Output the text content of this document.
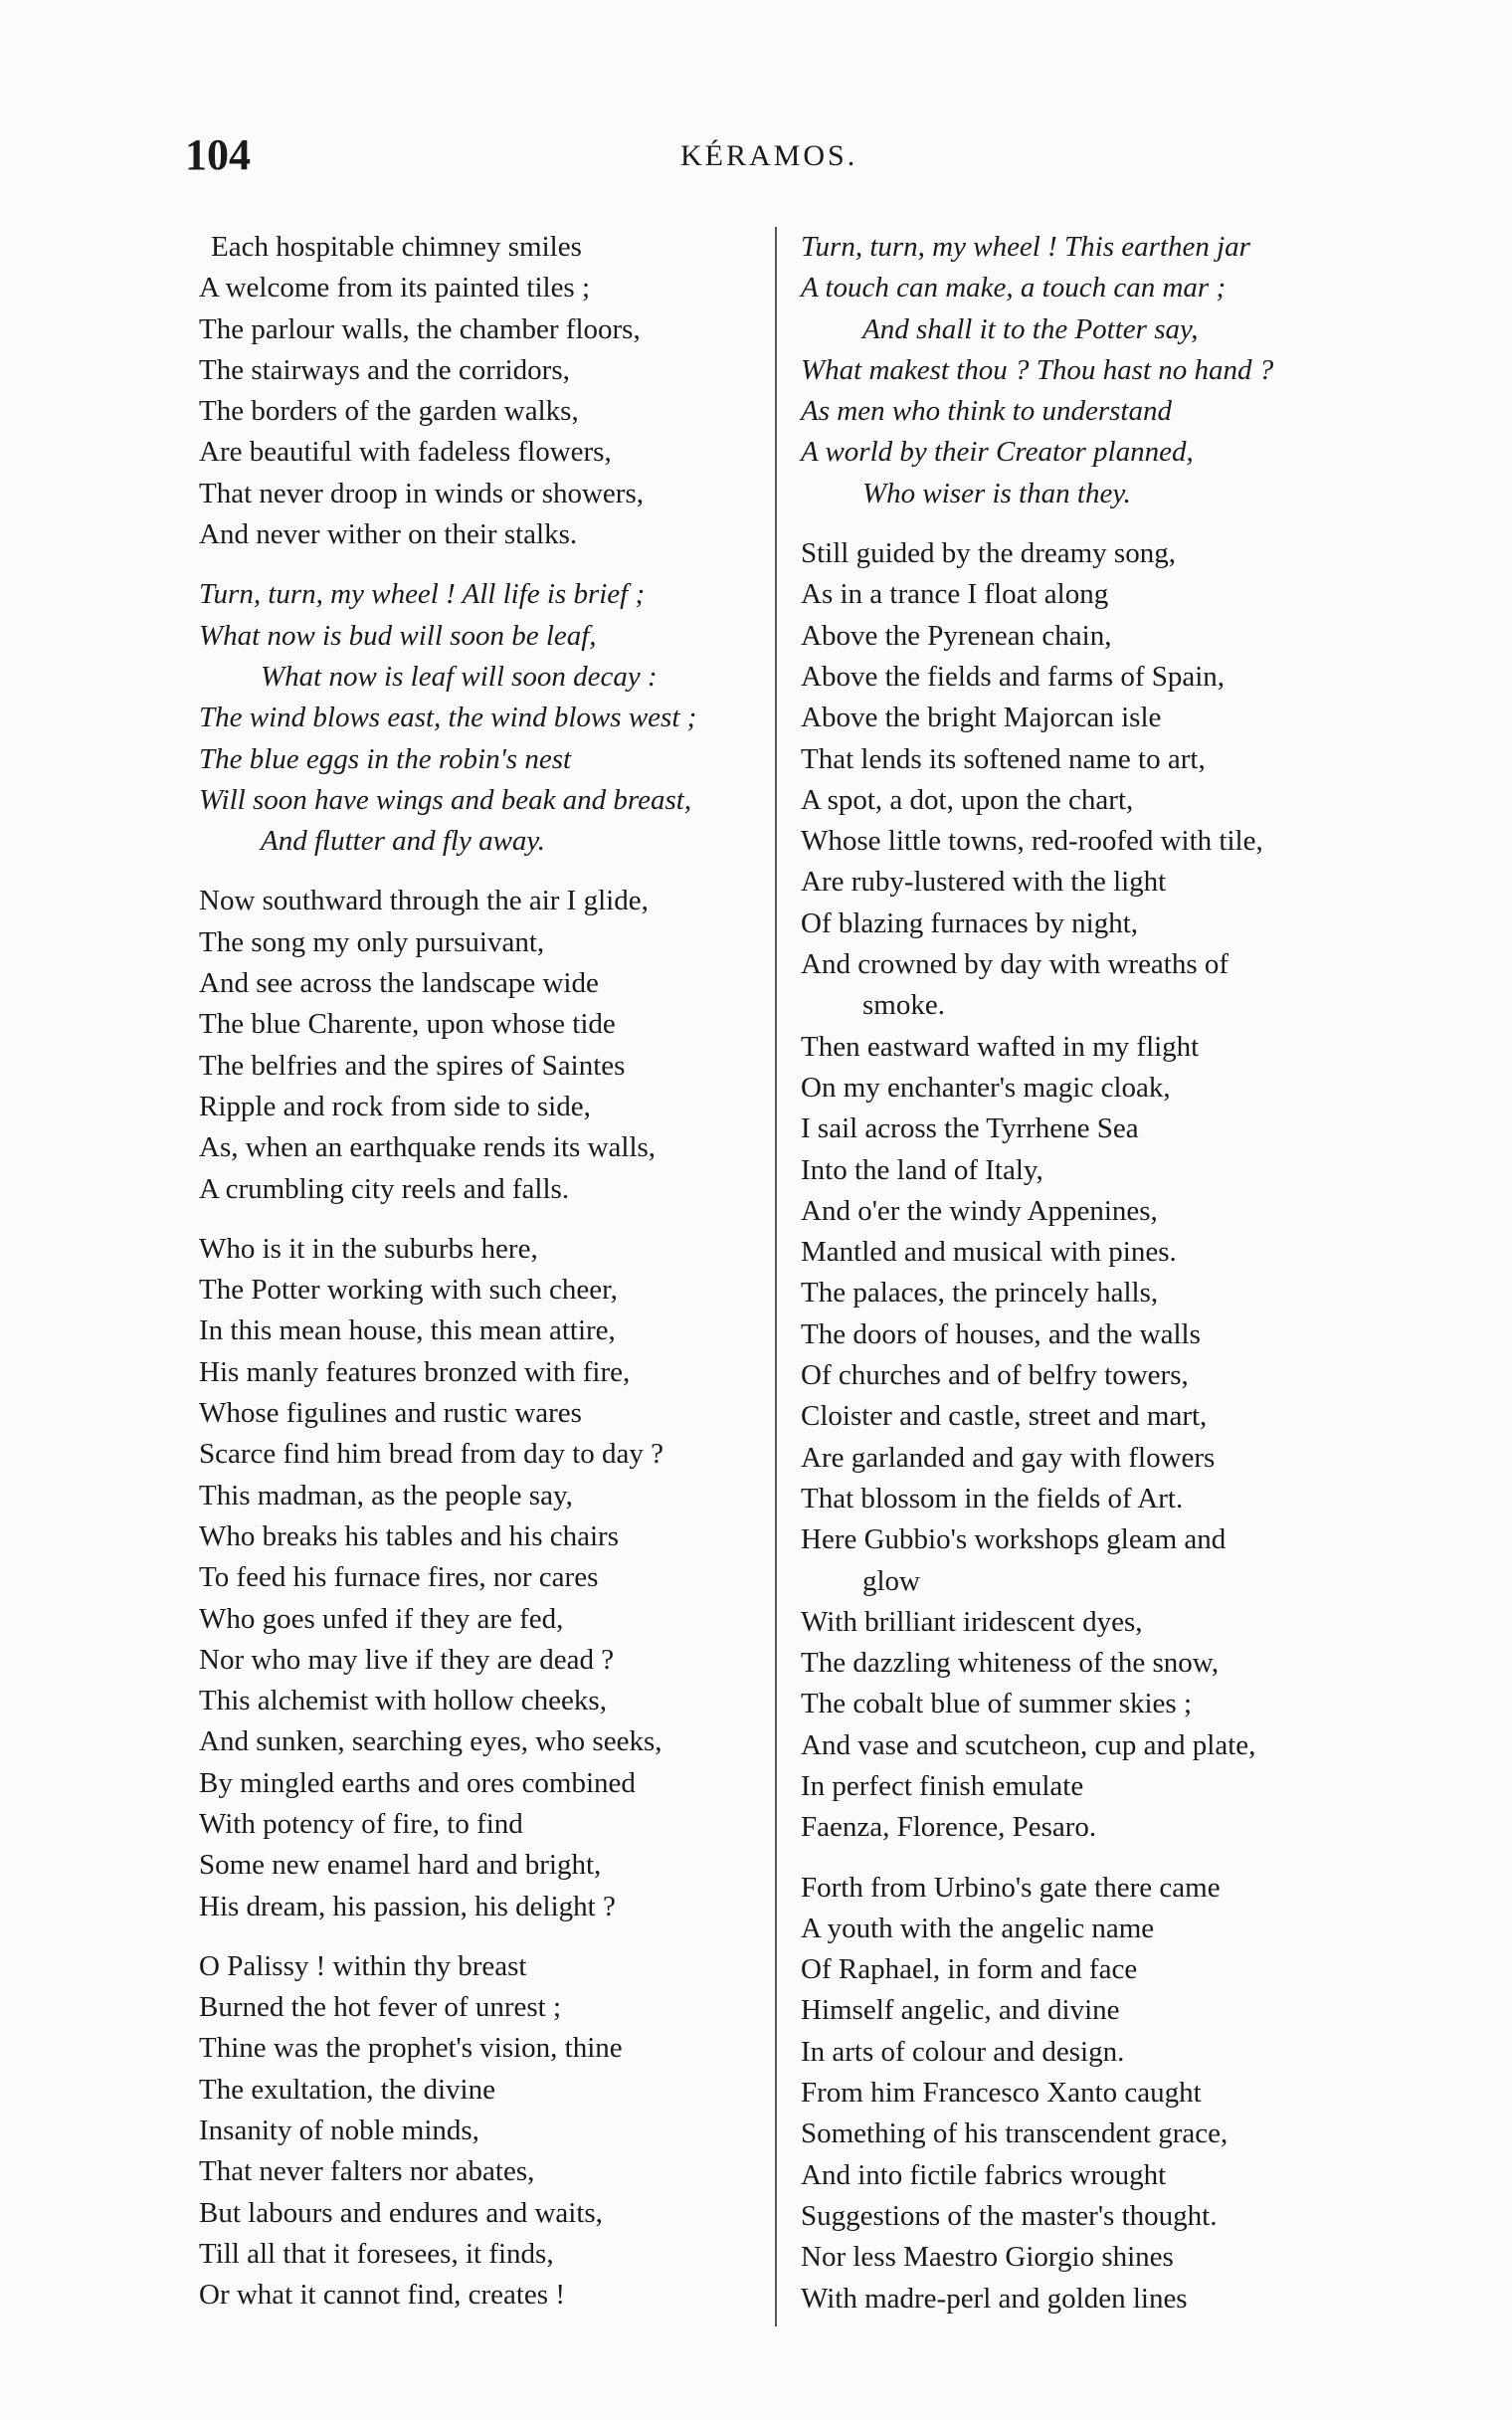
104	KÉRAMOS.
Each hospitable chimney smiles
A welcome from its painted tiles ;
The parlour walls, the chamber floors,
The stairways and the corridors,
The borders of the garden walks,
Are beautiful with fadeless flowers,
That never droop in winds or showers,
And never wither on their stalks.
Turn, turn, my wheel ! All life is brief ;
What now is bud will soon be leaf,
What now is leaf will soon decay :
The wind blows east, the wind blows west ;
The blue eggs in the robin's nest
Will soon have wings and beak and breast,
And flutter and fly away.
Now southward through the air I glide,
The song my only pursuivant,
And see across the landscape wide
The blue Charente, upon whose tide
The belfries and the spires of Saintes
Ripple and rock from side to side,
As, when an earthquake rends its walls,
A crumbling city reels and falls.
Who is it in the suburbs here,
The Potter working with such cheer,
In this mean house, this mean attire,
His manly features bronzed with fire,
Whose figulines and rustic wares
Scarce find him bread from day to day ?
This madman, as the people say,
Who breaks his tables and his chairs
To feed his furnace fires, nor cares
Who goes unfed if they are fed,
Nor who may live if they are dead ?
This alchemist with hollow cheeks,
And sunken, searching eyes, who seeks,
By mingled earths and ores combined
With potency of fire, to find
Some new enamel hard and bright,
His dream, his passion, his delight ?
O Palissy ! within thy breast
Burned the hot fever of unrest ;
Thine was the prophet's vision, thine
The exultation, the divine
Insanity of noble minds,
That never falters nor abates,
But labours and endures and waits,
Till all that it foresees, it finds,
Or what it cannot find, creates !
Turn, turn, my wheel ! This earthen jar
A touch can make, a touch can mar ;
And shall it to the Potter say,
What makest thou ? Thou hast no hand ?
As men who think to understand
A world by their Creator planned,
Who wiser is than they.
Still guided by the dreamy song,
As in a trance I float along
Above the Pyrenean chain,
Above the fields and farms of Spain,
Above the bright Majorcan isle
That lends its softened name to art,
A spot, a dot, upon the chart,
Whose little towns, red-roofed with tile,
Are ruby-lustered with the light
Of blazing furnaces by night,
And crowned by day with wreaths of
smoke.
Then eastward wafted in my flight
On my enchanter's magic cloak,
I sail across the Tyrrhene Sea
Into the land of Italy,
And o'er the windy Appenines,
Mantled and musical with pines.
The palaces, the princely halls,
The doors of houses, and the walls
Of churches and of belfry towers,
Cloister and castle, street and mart,
Are garlanded and gay with flowers
That blossom in the fields of Art.
Here Gubbio's workshops gleam and
glow
With brilliant iridescent dyes,
The dazzling whiteness of the snow,
The cobalt blue of summer skies ;
And vase and scutcheon, cup and plate,
In perfect finish emulate
Faenza, Florence, Pesaro.
Forth from Urbino's gate there came
A youth with the angelic name
Of Raphael, in form and face
Himself angelic, and divine
In arts of colour and design.
From him Francesco Xanto caught
Something of his transcendent grace,
And into fictile fabrics wrought
Suggestions of the master's thought.
Nor less Maestro Giorgio shines
With madre-perl and golden lines
